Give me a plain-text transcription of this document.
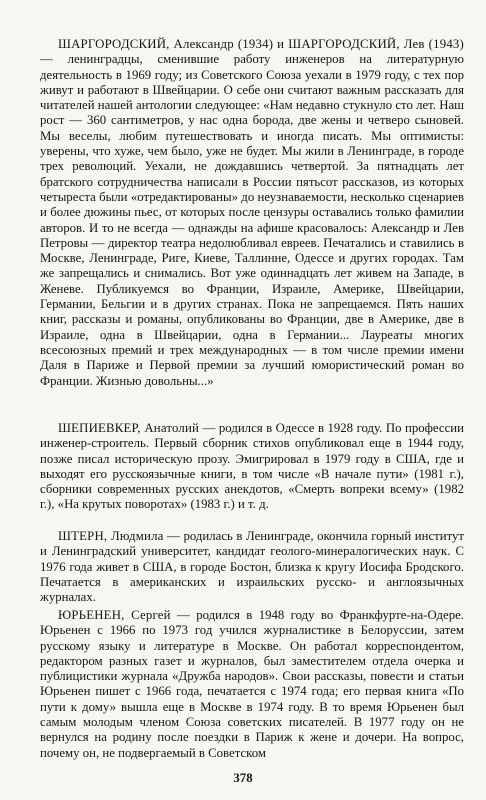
ШАРГОРОДСКИЙ, Александр (1934) и ШАРГОРОДСКИЙ, Лев (1943) — ленинградцы, сменившие работу инженеров на литературную деятельность в 1969 году; из Советского Союза уехали в 1979 году, с тех пор живут и работают в Швейцарии. О себе они считают важным рассказать для читателей нашей антологии следующее: «Нам недавно стукнуло сто лет. Наш рост — 360 сантиметров, у нас одна борода, две жены и четверо сыновей. Мы веселы, любим путешествовать и иногда писать. Мы оптимисты: уверены, что хуже, чем было, уже не будет. Мы жили в Ленинграде, в городе трех революций. Уехали, не дождавшись четвертой. За пятнадцать лет братского сотрудничества написали в России пятьсот рассказов, из которых четыреста были «отредактированы» до неузнаваемости, несколько сценариев и более дюжины пьес, от которых после цензуры оставались только фамилии авторов. И то не всегда — однажды на афише красовалось: Александр и Лев Петровы — директор театра недолюбливал евреев. Печатались и ставились в Москве, Ленинграде, Риге, Киеве, Таллинне, Одессе и других городах. Там же запрещались и снимались. Вот уже одиннадцать лет живем на Западе, в Женеве. Публикуемся во Франции, Израиле, Америке, Швейцарии, Германии, Бельгии и в других странах. Пока не запрещаемся. Пять наших книг, рассказы и романы, опубликованы во Франции, две в Америке, две в Израиле, одна в Швейцарии, одна в Германии... Лауреаты многих всесоюзных премий и трех международных — в том числе премии имени Даля в Париже и Первой премии за лучший юмористический роман во Франции. Жизнью довольны...»

ШЕПИЕВКЕР, Анатолий — родился в Одессе в 1928 году. По профессии инженер-строитель. Первый сборник стихов опубликовал еще в 1944 году, позже писал историческую прозу. Эмигрировал в 1979 году в США, где и выходят его русскоязычные книги, в том числе «В начале пути» (1981 г.), сборники современных русских анекдотов, «Смерть вопреки всему» (1982 г.), «На крутых поворотах» (1983 г.) и т. д.

ШТЕРН, Людмила — родилась в Ленинграде, окончила горный институт и Ленинградский университет, кандидат геолого-минералогических наук. С 1976 года живет в США, в городе Бостон, близка к кругу Иосифа Бродского. Печатается в американских и израильских русско- и англоязычных журналах.

ЮРЬЕНЕН, Сергей — родился в 1948 году во Франкфурте-на-Одере. Юрьенен с 1966 по 1973 год учился журналистике в Белоруссии, затем русскому языку и литературе в Москве. Он работал корреспондентом, редактором разных газет и журналов, был заместителем отдела очерка и публицистики журнала «Дружба народов». Свои рассказы, повести и статьи Юрьенен пишет с 1966 года, печатается с 1974 года; его первая книга «По пути к дому» вышла еще в Москве в 1974 году. В то время Юрьенен был самым молодым членом Союза советских писателей. В 1977 году он не вернулся на родину после поездки в Париж к жене и дочери. На вопрос, почему он, не подвергаемый в Советском

378
